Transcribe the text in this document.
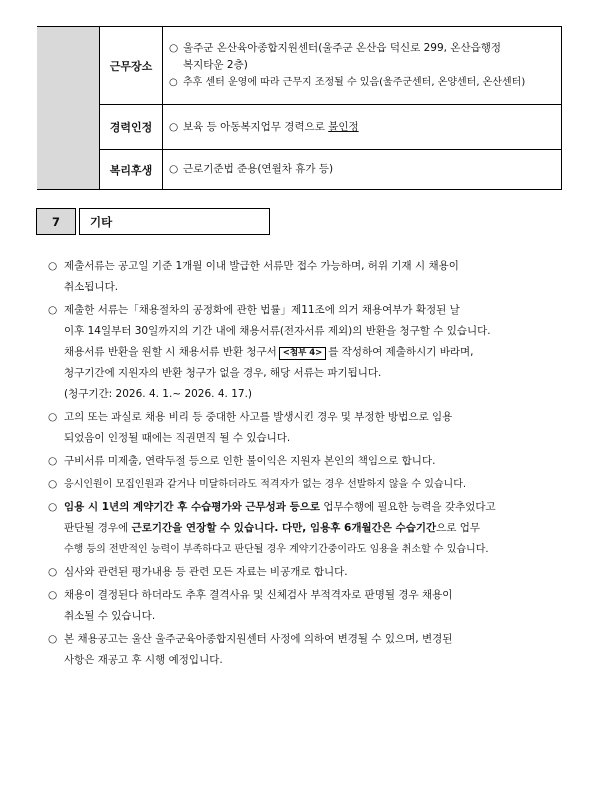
	근무장소	○ 울주군 온산육아종합지원센터(울주군 온산읍 덕신로 299, 온산읍행정
복지타운 2층)
○ 추후 센터 운영에 따라 근무지 조정될 수 있음(울주군센터, 온양센터, 온산센터)

	경력인정	○ 보육 등 아동복지업무 경력으로 불인정

	복리후생	○ 근로기준법 준용(연월차 휴가 등)
7	기타
○ 제출서류는 공고일 기준 1개월 이내 발급한 서류만 접수 가능하며, 허위 기재 시 채용이
취소됩니다.
○ 제출한 서류는「채용절차의 공정화에 관한 법률」제11조에 의거 채용여부가 확정된 날
이후 14일부터 30일까지의 기간 내에 채용서류(전자서류 제외)의 반환을 청구할 수 있습니다.
채용서류 반환을 원할 시 채용서류 반환 청구서 <첨부 4> 를 작성하여 제출하시기 바라며,
청구기간에 지원자의 반환 청구가 없을 경우, 해당 서류는 파기됩니다.
(청구기간: 2026. 4. 1.~ 2026. 4. 17.)
○ 고의 또는 과실로 채용 비리 등 중대한 사고를 발생시킨 경우 및 부정한 방법으로 임용
되었음이 인정될 때에는 직권면직 될 수 있습니다.
○ 구비서류 미제출, 연락두절 등으로 인한 불이익은 지원자 본인의 책임으로 합니다.
○ 응시인원이 모집인원과 같거나 미달하더라도 적격자가 없는 경우 선발하지 않을 수 있습니다.
○ 임용 시 1년의 계약기간 후 수습평가와 근무성과 등으로 업무수행에 필요한 능력을 갖추었다고
판단될 경우에 근로기간을 연장할 수 있습니다. 다만, 임용후 6개월간은 수습기간으로 업무
수행 등의 전반적인 능력이 부족하다고 판단될 경우 계약기간중이라도 임용을 취소할 수 있습니다.
○ 심사와 관련된 평가내용 등 관련 모든 자료는 비공개로 합니다.
○ 채용이 결정된다 하더라도 추후 결격사유 및 신체검사 부적격자로 판명될 경우 채용이
취소될 수 있습니다.
○ 본 채용공고는 울산 울주군육아종합지원센터 사정에 의하여 변경될 수 있으며, 변경된
사항은 재공고 후 시행 예정입니다.
